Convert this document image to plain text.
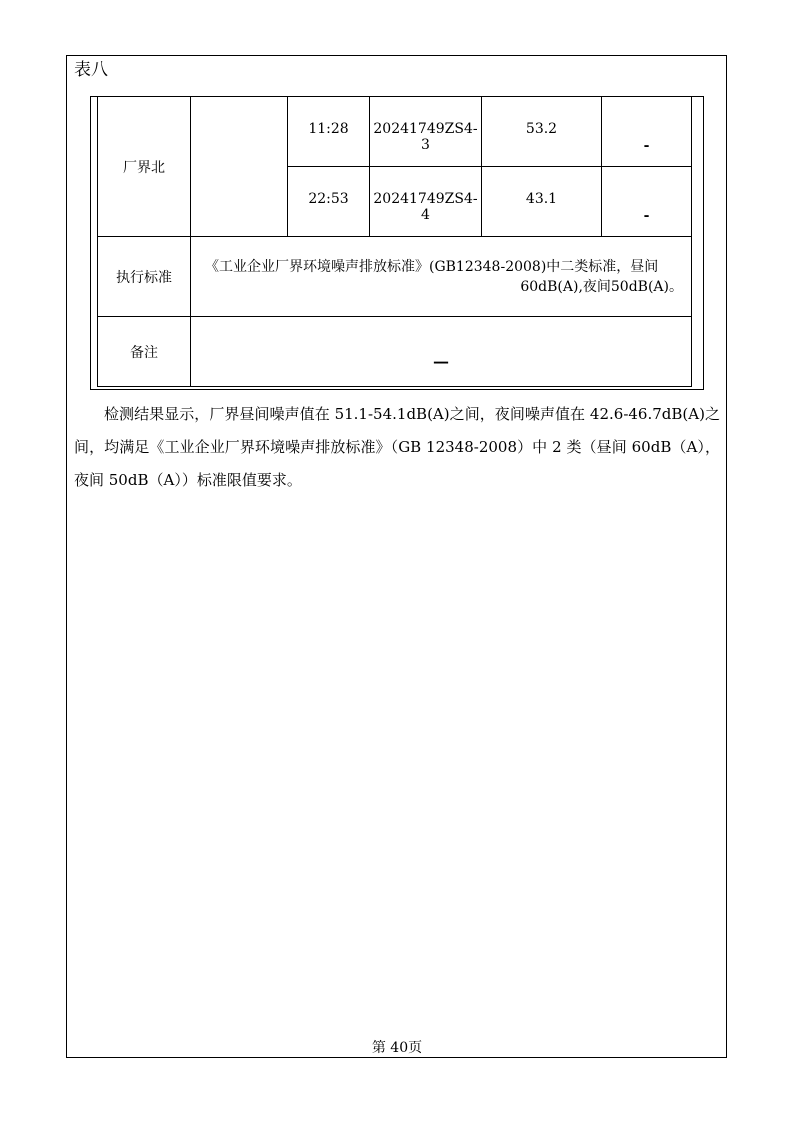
表八
厂界北		11:28	20241749ZS4-3	53.2	-

		22:53	20241749ZS4-4	43.1	-

执行标准	《工业企业厂界环境噪声排放标准》(GB12348-2008)中二类标准，昼间
60dB(A),夜间50dB(A)。				

备注	—				
检测结果显示，厂界昼间噪声值在 51.1-54.1dB(A)之间，夜间噪声值在 42.6-46.7dB(A)之间，均满足《工业企业厂界环境噪声排放标准》（GB 12348-2008）中 2 类（昼间 60dB（A），夜间 50dB（A））标准限值要求。
第 40页
